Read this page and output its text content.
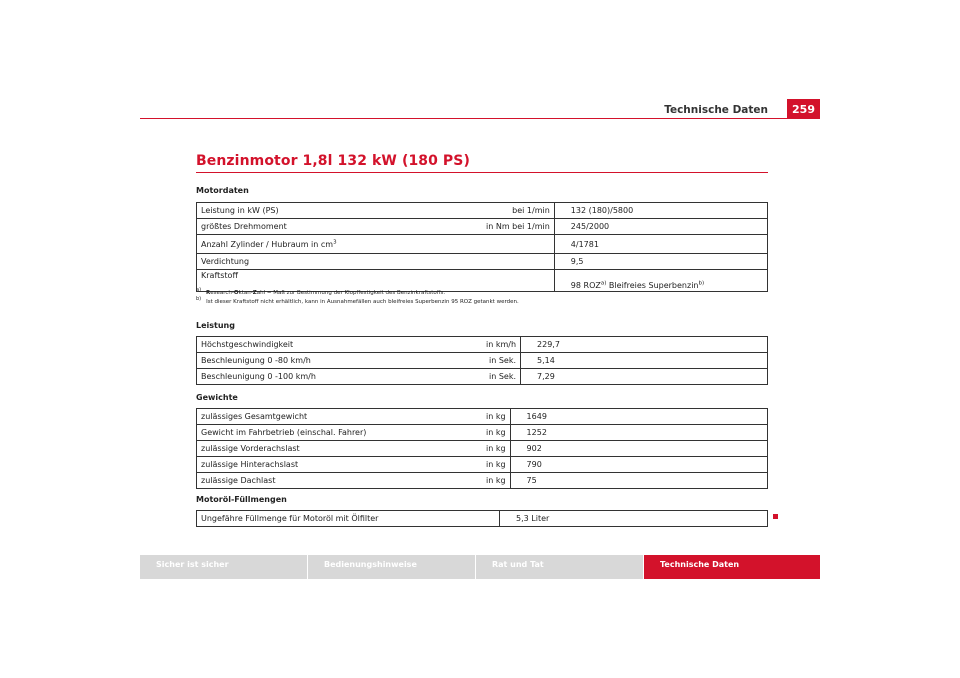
Technische Daten	259
Benzinmotor 1,8l 132 kW (180 PS)
Motordaten
Leistung in kW (PS)	bei 1/min	132 (180)/5800
größtes Drehmoment	in Nm bei 1/min	245/2000
Anzahl Zylinder / Hubraum in $cm^3$		4/1781
Verdichtung		9,5
Kraftstoff		98 ROZ$^{a)}$ Bleifreies Superbenzin$^{b)}$
a) Research-Oktan-Zahl = Maß zur Bestimmung der Klopffestigkeit des Benzinkraftstoffs.
b) Ist dieser Kraftstoff nicht erhältlich, kann in Ausnahmefällen auch bleifreies Superbenzin 95 ROZ getankt werden.
Leistung
Höchstgeschwindigkeit	in km/h	229,7
Beschleunigung 0 -80 km/h	in Sek.	5,14
Beschleunigung 0 -100 km/h	in Sek.	7,29
Gewichte
zulässiges Gesamtgewicht	in kg	1649
Gewicht im Fahrbetrieb (einschal. Fahrer)	in kg	1252
zulässige Vorderachslast	in kg	902
zulässige Hinterachslast	in kg	790
zulässige Dachlast	in kg	75
Motoröl-Füllmengen
Ungefähre Füllmenge für Motoröl mit Ölfilter	5,3 Liter
Sicher ist sicher	Bedienungshinweise	Rat und Tat	Technische Daten
